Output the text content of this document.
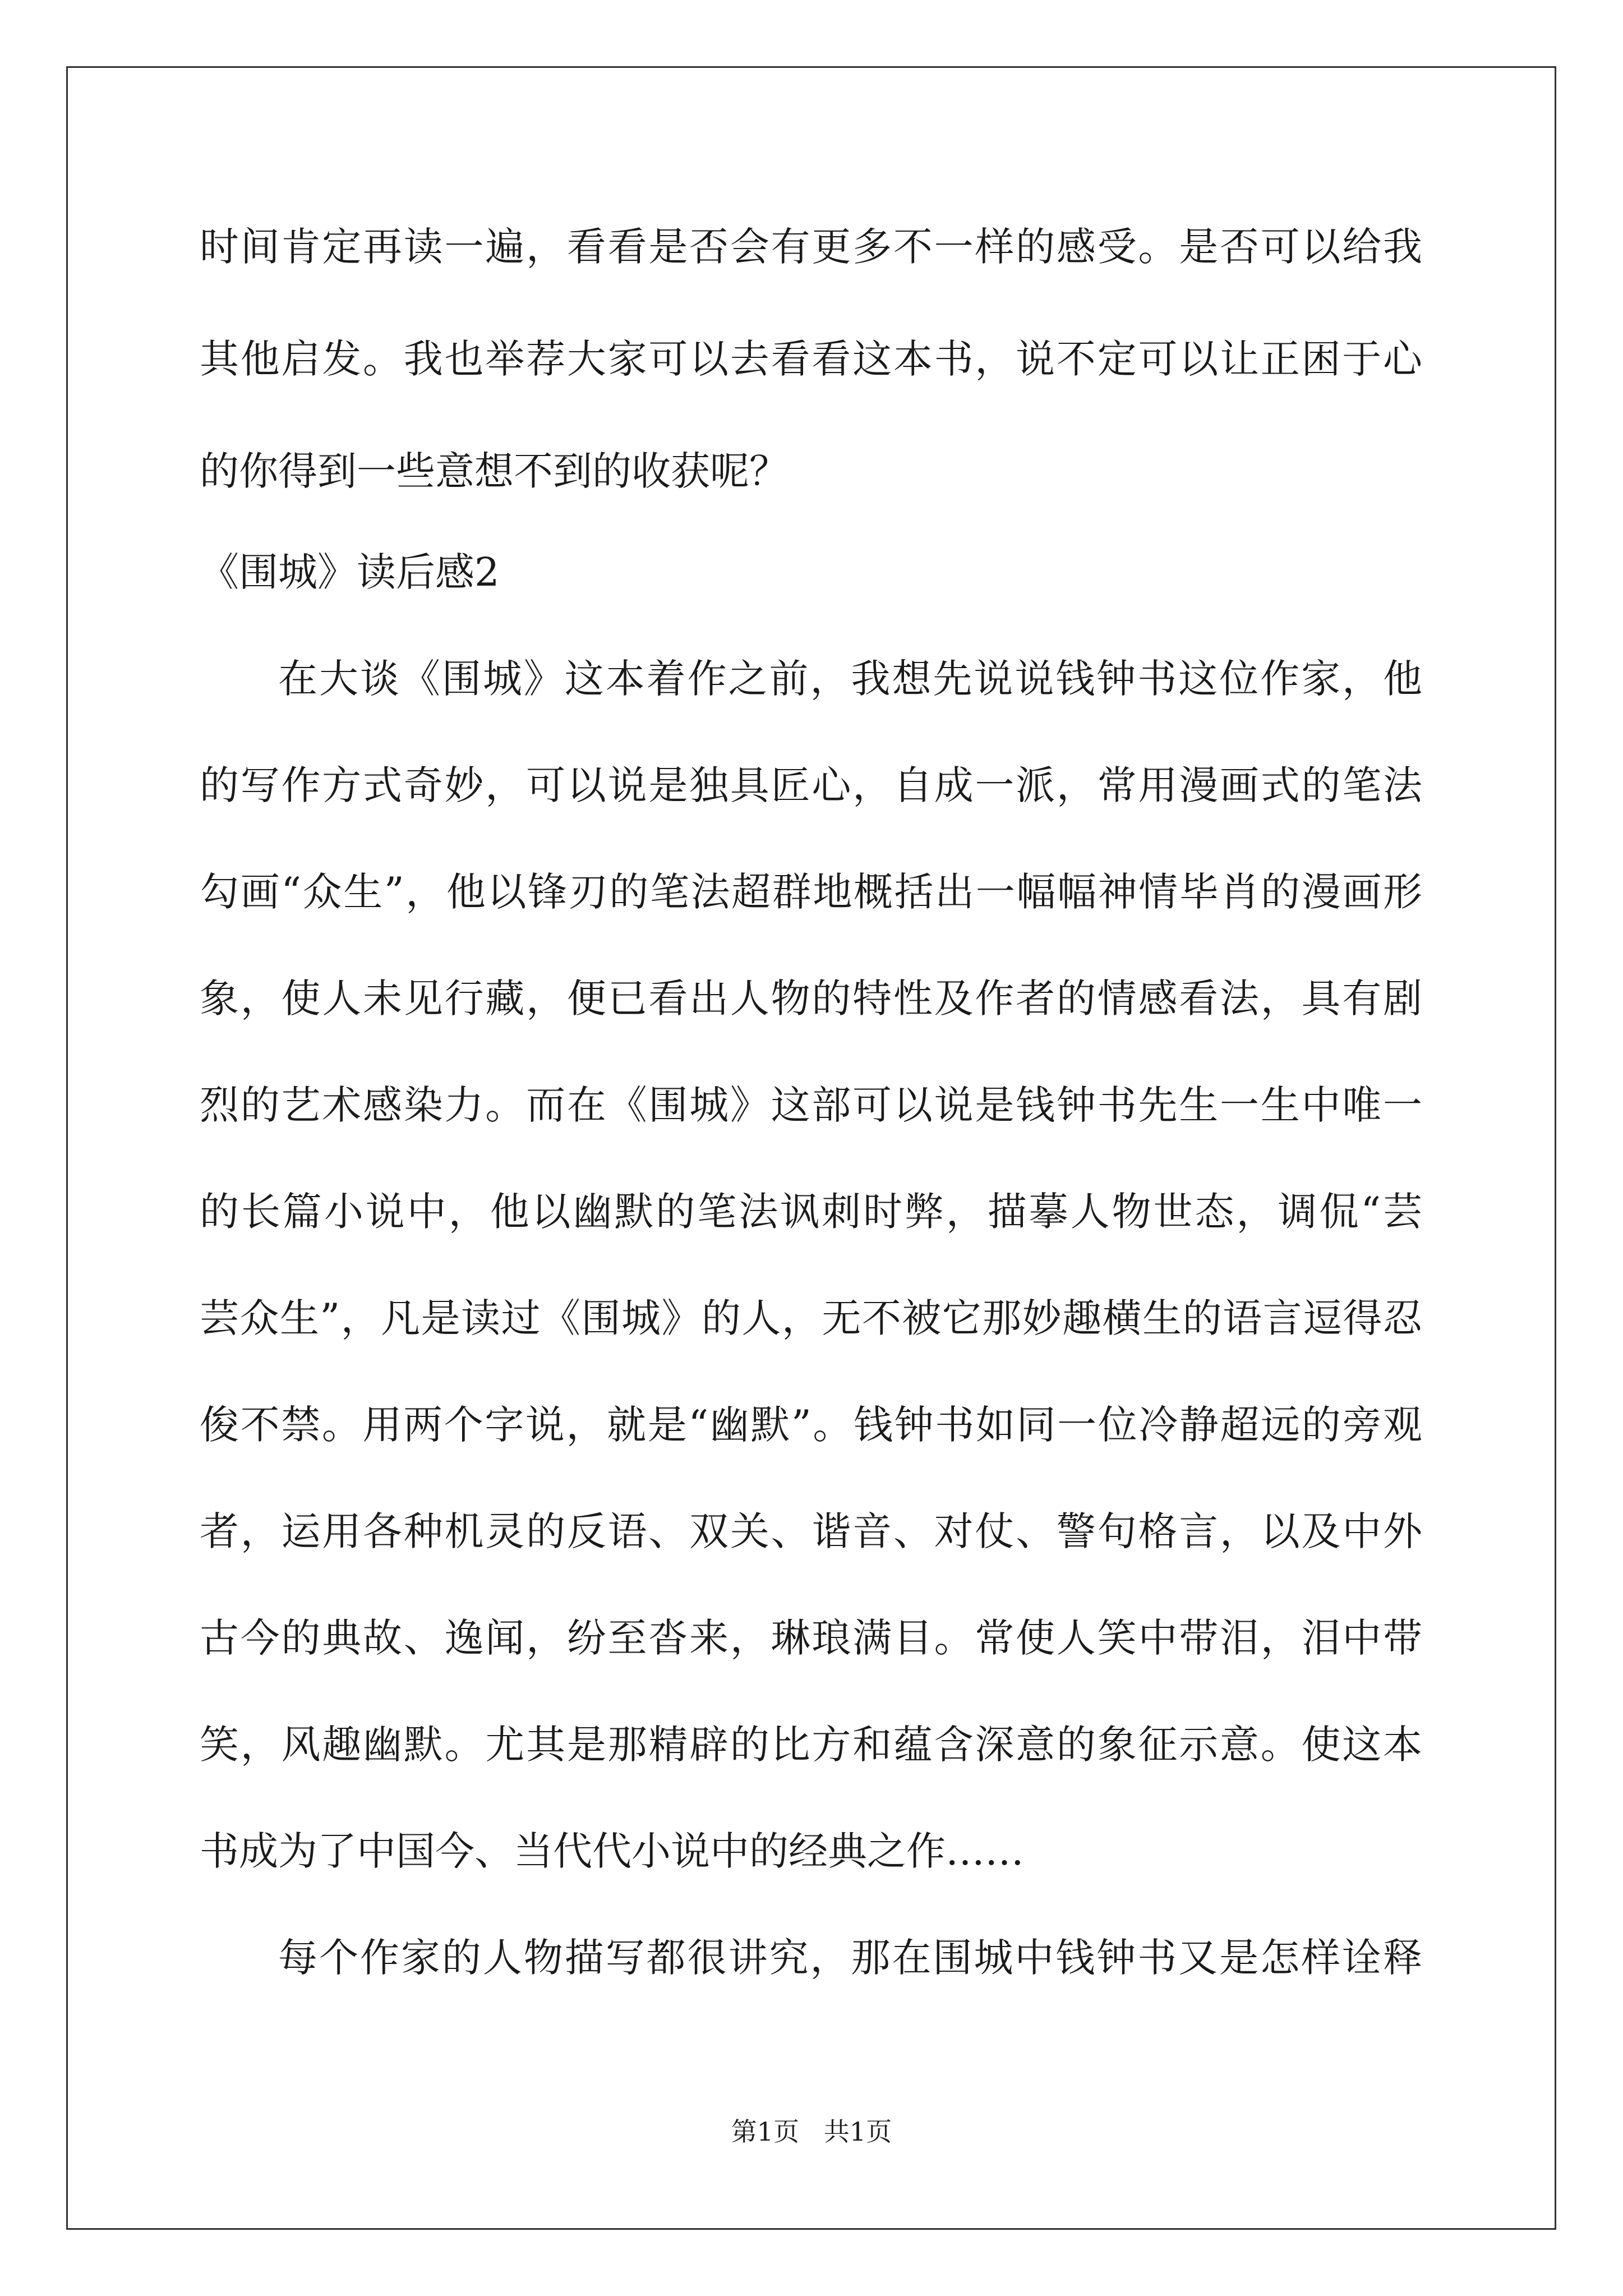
时间肯定再读一遍，看看是否会有更多不一样的感受。是否可以给我
其他启发。我也举荐大家可以去看看这本书，说不定可以让正困于心
的你得到一些意想不到的收获呢？
《围城》读后感2
在大谈《围城》这本着作之前，我想先说说钱钟书这位作家，他
的写作方式奇妙，可以说是独具匠心，自成一派，常用漫画式的笔法
勾画“众生”，他以锋刃的笔法超群地概括出一幅幅神情毕肖的漫画形
象，使人未见行藏，便已看出人物的特性及作者的情感看法，具有剧
烈的艺术感染力。而在《围城》这部可以说是钱钟书先生一生中唯一
的长篇小说中，他以幽默的笔法讽刺时弊，描摹人物世态，调侃“芸
芸众生”，凡是读过《围城》的人，无不被它那妙趣横生的语言逗得忍
俊不禁。用两个字说，就是“幽默”。钱钟书如同一位冷静超远的旁观
者，运用各种机灵的反语、双关、谐音、对仗、警句格言，以及中外
古今的典故、逸闻，纷至沓来，琳琅满目。常使人笑中带泪，泪中带
笑，风趣幽默。尤其是那精辟的比方和蕴含深意的象征示意。使这本
书成为了中国今、当代代小说中的经典之作……
每个作家的人物描写都很讲究，那在围城中钱钟书又是怎样诠释
第1页   共1页
